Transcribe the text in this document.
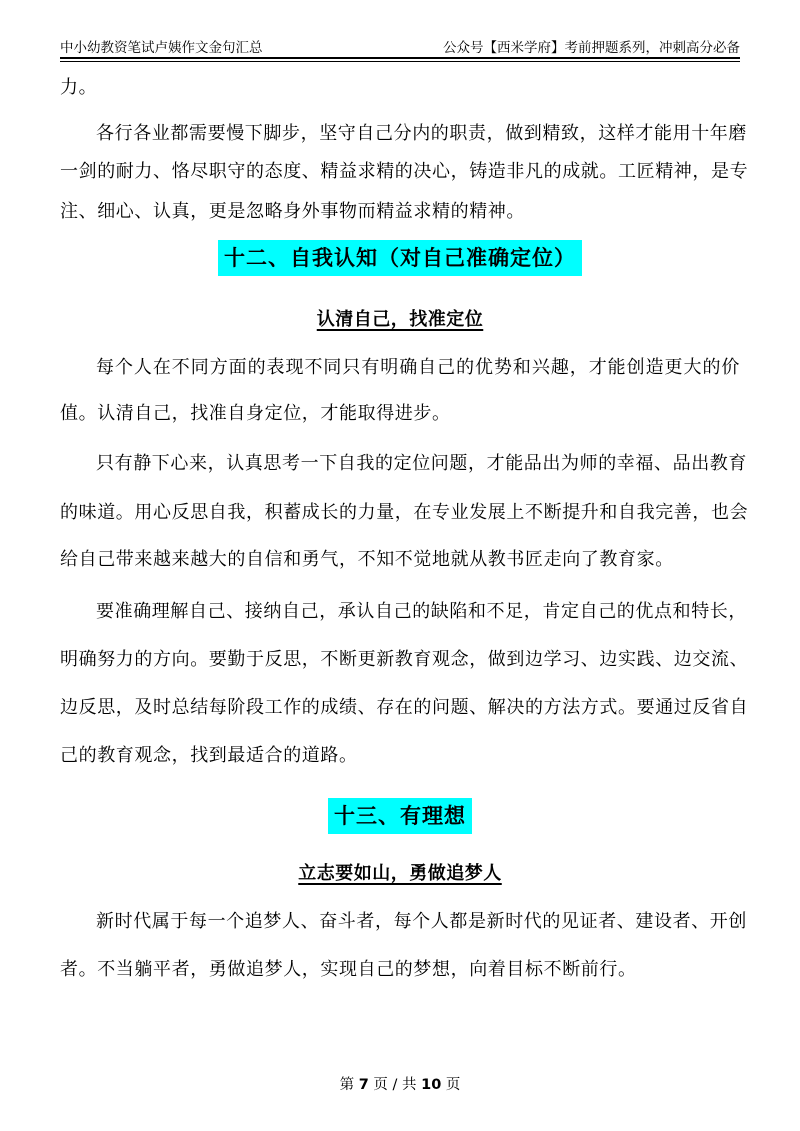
中小幼教资笔试卢姨作文金句汇总	公众号【西米学府】考前押题系列，冲刺高分必备
力。
各行各业都需要慢下脚步，坚守自己分内的职责，做到精致，这样才能用十年磨
一剑的耐力、恪尽职守的态度、精益求精的决心，铸造非凡的成就。工匠精神，是专
注、细心、认真，更是忽略身外事物而精益求精的精神。
十二、自我认知（对自己准确定位）
认清自己，找准定位
每个人在不同方面的表现不同只有明确自己的优势和兴趣，才能创造更大的价
值。认清自己，找准自身定位，才能取得进步。
只有静下心来，认真思考一下自我的定位问题，才能品出为师的幸福、品出教育
的味道。用心反思自我，积蓄成长的力量，在专业发展上不断提升和自我完善，也会
给自己带来越来越大的自信和勇气，不知不觉地就从教书匠走向了教育家。
要准确理解自己、接纳自己，承认自己的缺陷和不足，肯定自己的优点和特长，
明确努力的方向。要勤于反思，不断更新教育观念，做到边学习、边实践、边交流、
边反思，及时总结每阶段工作的成绩、存在的问题、解决的方法方式。要通过反省自
己的教育观念，找到最适合的道路。
十三、有理想
立志要如山，勇做追梦人
新时代属于每一个追梦人、奋斗者，每个人都是新时代的见证者、建设者、开创
者。不当躺平者，勇做追梦人，实现自己的梦想，向着目标不断前行。
第 7 页 / 共 10 页
